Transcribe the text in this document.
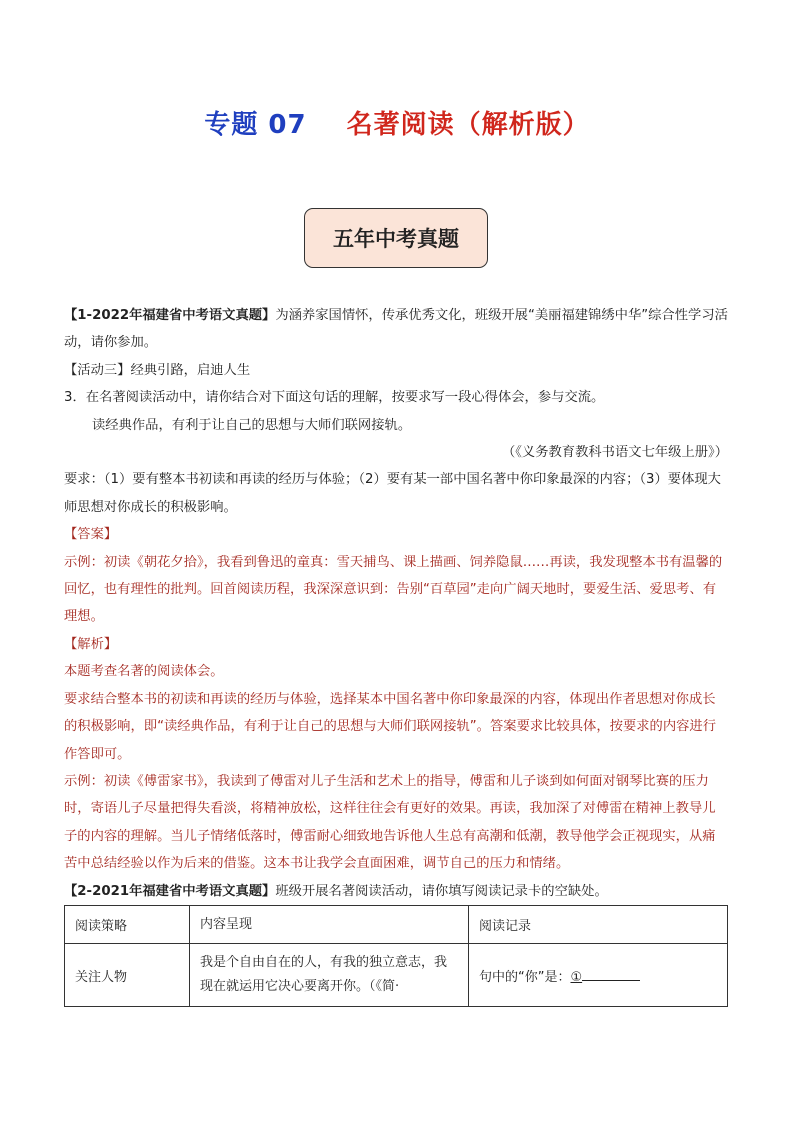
专题 07 名著阅读（解析版）
五年中考真题

【1-2022年福建省中考语文真题】为涵养家国情怀，传承优秀文化，班级开展“美丽福建锦绣中华”综合性学习活动，请你参加。

【活动三】经典引路，启迪人生

3．在名著阅读活动中，请你结合对下面这句话的理解，按要求写一段心得体会，参与交流。

读经典作品，有利于让自己的思想与大师们联网接轨。

（《义务教育教科书语文七年级上册》）

要求：（1）要有整本书初读和再读的经历与体验；（2）要有某一部中国名著中你印象最深的内容；（3）要体现大师思想对你成长的积极影响。

【答案】

示例：初读《朝花夕拾》，我看到鲁迅的童真：雪天捕鸟、课上描画、饲养隐鼠……再读，我发现整本书有温馨的回忆，也有理性的批判。回首阅读历程，我深深意识到：告别“百草园”走向广阔天地时，要爱生活、爱思考、有理想。

【解析】

本题考查名著的阅读体会。

要求结合整本书的初读和再读的经历与体验，选择某本中国名著中你印象最深的内容，体现出作者思想对你成长的积极影响，即“读经典作品，有利于让自己的思想与大师们联网接轨”。答案要求比较具体，按要求的内容进行作答即可。

示例：初读《傅雷家书》，我读到了傅雷对儿子生活和艺术上的指导，傅雷和儿子谈到如何面对钢琴比赛的压力时，寄语儿子尽量把得失看淡，将精神放松，这样往往会有更好的效果。再读，我加深了对傅雷在精神上教导儿子的内容的理解。当儿子情绪低落时，傅雷耐心细致地告诉他人生总有高潮和低潮，教导他学会正视现实，从痛苦中总结经验以作为后来的借鉴。这本书让我学会直面困难，调节自己的压力和情绪。

【2-2021年福建省中考语文真题】班级开展名著阅读活动，请你填写阅读记录卡的空缺处。

阅读策略	内容呈现	阅读记录
关注人物	我是个自由自在的人，有我的独立意志，我现在就运用它决心要离开你。（《简·	句中的“你”是：①
